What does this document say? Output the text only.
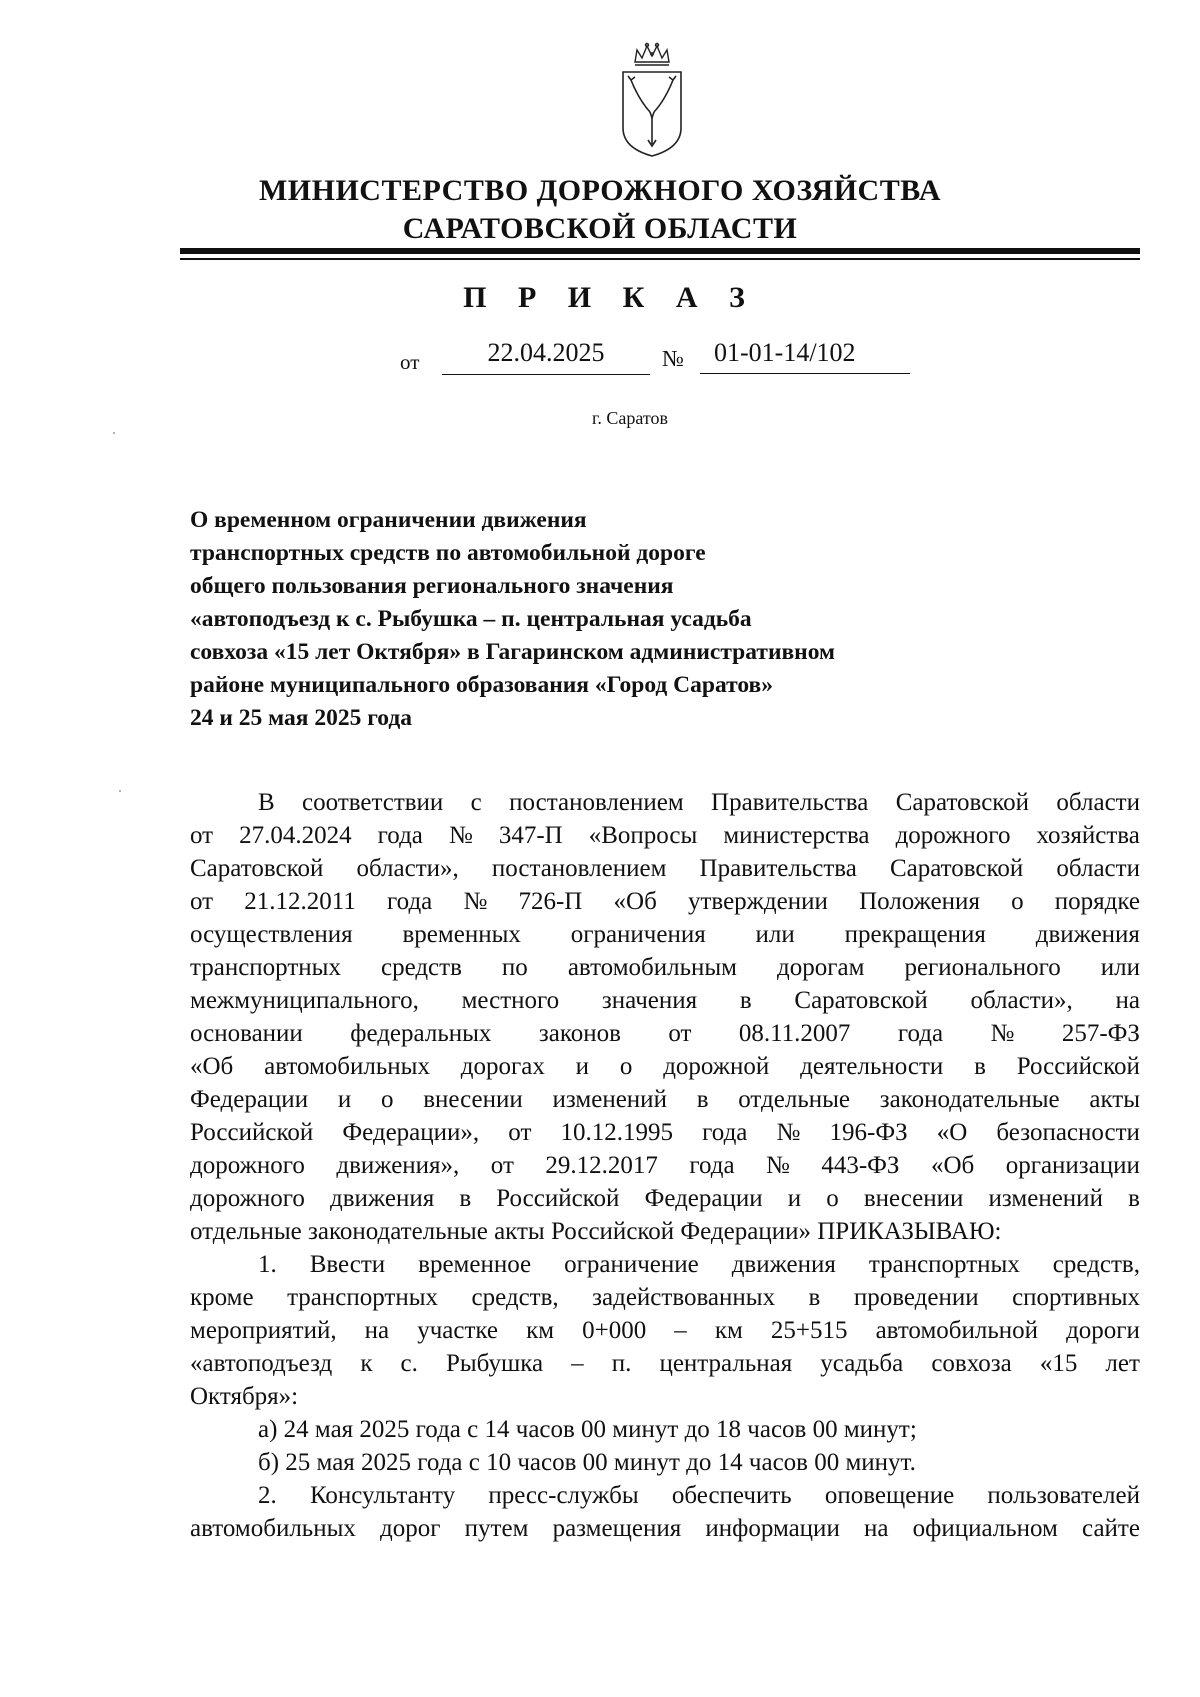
МИНИСТЕРСТВО ДОРОЖНОГО ХОЗЯЙСТВА
САРАТОВСКОЙ ОБЛАСТИ
П Р И К А З
от	22.04.2025	№	01-01-14/102
г. Саратов
О временном ограничении движения
транспортных средств по автомобильной дороге
общего пользования регионального значения
«автоподъезд к с. Рыбушка – п. центральная усадьба
совхоза «15 лет Октября» в Гагаринском административном
районе муниципального образования «Город Саратов»
24 и 25 мая 2025 года
В соответствии с постановлением Правительства Саратовской области
от 27.04.2024 года № 347-П «Вопросы министерства дорожного хозяйства
Саратовской области», постановлением Правительства Саратовской области
от 21.12.2011 года № 726-П «Об утверждении Положения о порядке
осуществления временных ограничения или прекращения движения
транспортных средств по автомобильным дорогам регионального или
межмуниципального, местного значения в Саратовской области», на
основании федеральных законов от 08.11.2007 года № 257-ФЗ
«Об автомобильных дорогах и о дорожной деятельности в Российской
Федерации и о внесении изменений в отдельные законодательные акты
Российской Федерации», от 10.12.1995 года № 196-ФЗ «О безопасности
дорожного движения», от 29.12.2017 года № 443-ФЗ «Об организации
дорожного движения в Российской Федерации и о внесении изменений в
отдельные законодательные акты Российской Федерации» ПРИКАЗЫВАЮ:
1. Ввести временное ограничение движения транспортных средств,
кроме транспортных средств, задействованных в проведении спортивных
мероприятий, на участке км 0+000 – км 25+515 автомобильной дороги
«автоподъезд к с. Рыбушка – п. центральная усадьба совхоза «15 лет
Октября»:
а) 24 мая 2025 года с 14 часов 00 минут до 18 часов 00 минут;
б) 25 мая 2025 года с 10 часов 00 минут до 14 часов 00 минут.
2. Консультанту пресс-службы обеспечить оповещение пользователей
автомобильных дорог путем размещения информации на официальном сайте
